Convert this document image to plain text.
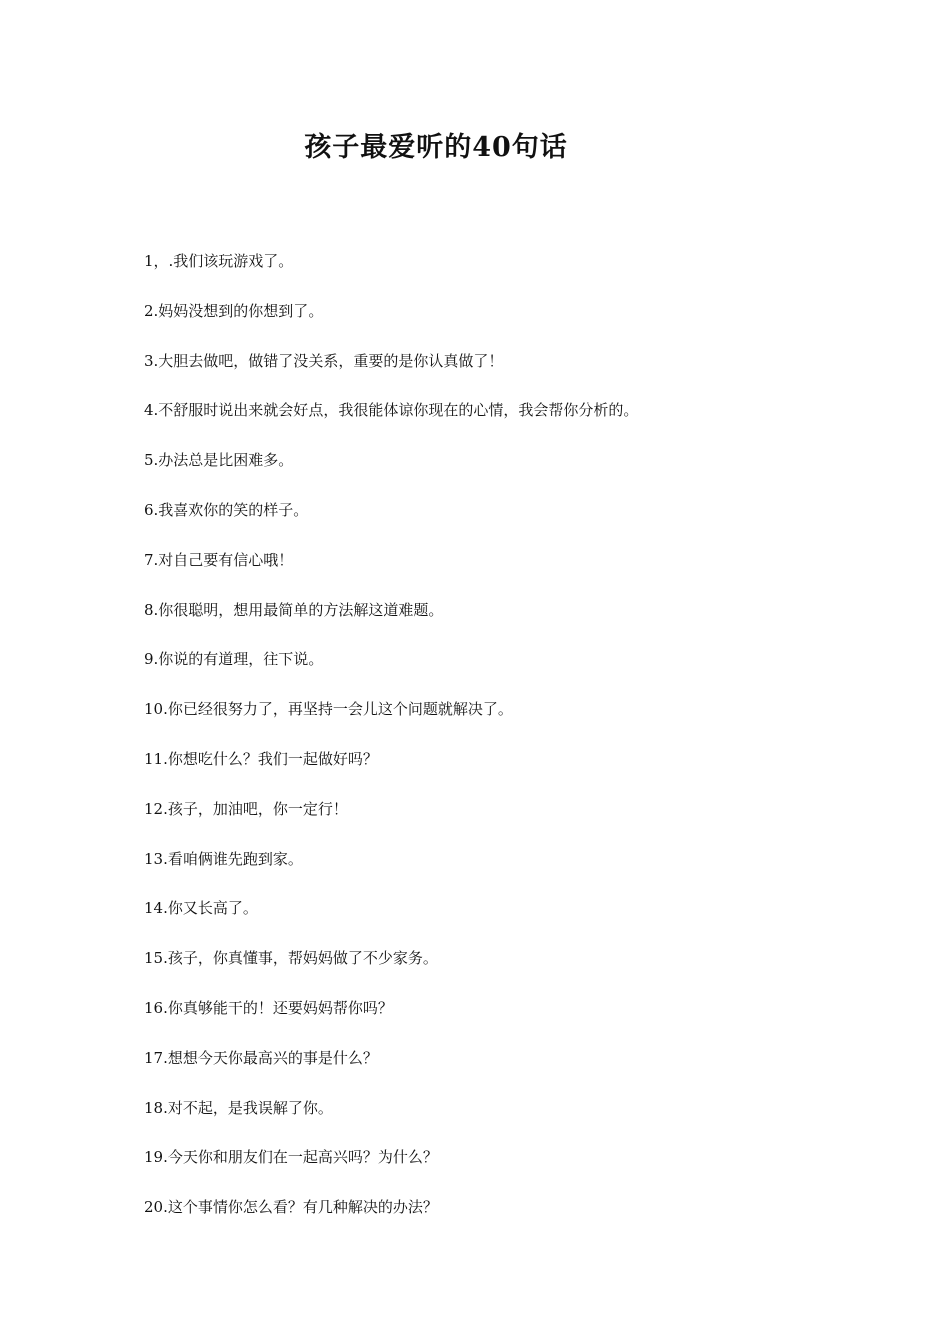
孩子最爱听的40句话
1，.我们该玩游戏了。
2.妈妈没想到的你想到了。
3.大胆去做吧，做错了没关系，重要的是你认真做了！
4.不舒服时说出来就会好点，我很能体谅你现在的心情，我会帮你分析的。
5.办法总是比困难多。
6.我喜欢你的笑的样子。
7.对自己要有信心哦！
8.你很聪明，想用最简单的方法解这道难题。
9.你说的有道理，往下说。
10.你已经很努力了，再坚持一会儿这个问题就解决了。
11.你想吃什么？我们一起做好吗？
12.孩子，加油吧，你一定行！
13.看咱俩谁先跑到家。
14.你又长高了。
15.孩子，你真懂事，帮妈妈做了不少家务。
16.你真够能干的！还要妈妈帮你吗？
17.想想今天你最高兴的事是什么？
18.对不起，是我误解了你。
19.今天你和朋友们在一起高兴吗？为什么？
20.这个事情你怎么看？有几种解决的办法？
